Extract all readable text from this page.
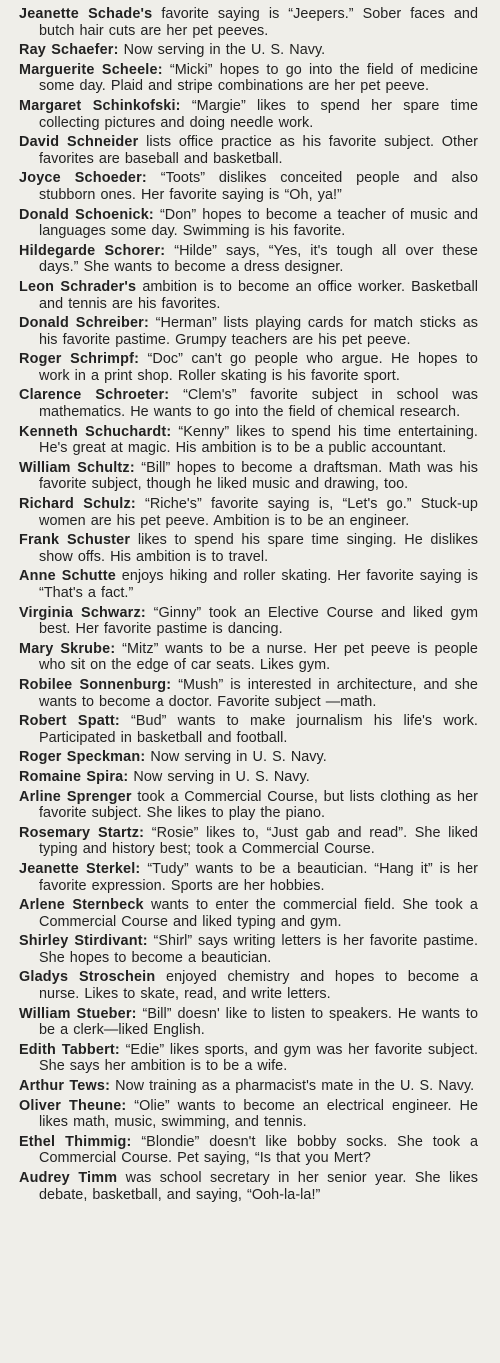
Jeanette Schade's favorite saying is “Jeepers.” Sober faces and butch hair cuts are her pet peeves.

Ray Schaefer: Now serving in the U. S. Navy.

Marguerite Scheele: “Micki” hopes to go into the field of medicine some day. Plaid and stripe combinations are her pet peeve.

Margaret Schinkofski: “Margie” likes to spend her spare time collecting pictures and doing needle work.

David Schneider lists office practice as his favorite subject. Other favorites are baseball and basketball.

Joyce Schoeder: “Toots” dislikes conceited people and also stubborn ones. Her favorite saying is “Oh, ya!”

Donald Schoenick: “Don” hopes to become a teacher of music and languages some day. Swimming is his favorite.

Hildegarde Schorer: “Hilde” says, “Yes, it's tough all over these days.” She wants to become a dress designer.

Leon Schrader's ambition is to become an office worker. Basketball and tennis are his favorites.

Donald Schreiber: “Herman” lists playing cards for match sticks as his favorite pastime. Grumpy teachers are his pet peeve.

Roger Schrimpf: “Doc” can't go people who argue. He hopes to work in a print shop. Roller skating is his favorite sport.

Clarence Schroeter: “Clem's” favorite subject in school was mathematics. He wants to go into the field of chemical research.

Kenneth Schuchardt: “Kenny” likes to spend his time entertaining. He's great at magic. His ambition is to be a public accountant.

William Schultz: “Bill” hopes to become a draftsman. Math was his favorite subject, though he liked music and drawing, too.

Richard Schulz: “Riche's” favorite saying is, “Let's go.” Stuck-up women are his pet peeve. Ambition is to be an engineer.

Frank Schuster likes to spend his spare time singing. He dislikes show offs. His ambition is to travel.

Anne Schutte enjoys hiking and roller skating. Her favorite saying is “That's a fact.”

Virginia Schwarz: “Ginny” took an Elective Course and liked gym best. Her favorite pastime is dancing.

Mary Skrube: “Mitz” wants to be a nurse. Her pet peeve is people who sit on the edge of car seats. Likes gym.

Robilee Sonnenburg: “Mush” is interested in architecture, and she wants to become a doctor. Favorite subject —math.

Robert Spatt: “Bud” wants to make journalism his life's work. Participated in basketball and football.

Roger Speckman: Now serving in U. S. Navy.

Romaine Spira: Now serving in U. S. Navy.

Arline Sprenger took a Commercial Course, but lists clothing as her favorite subject. She likes to play the piano.

Rosemary Startz: “Rosie” likes to, “Just gab and read”. She liked typing and history best; took a Commercial Course.

Jeanette Sterkel: “Tudy” wants to be a beautician. “Hang it” is her favorite expression. Sports are her hobbies.

Arlene Sternbeck wants to enter the commercial field. She took a Commercial Course and liked typing and gym.

Shirley Stirdivant: “Shirl” says writing letters is her favorite pastime. She hopes to become a beautician.

Gladys Stroschein enjoyed chemistry and hopes to become a nurse. Likes to skate, read, and write letters.

William Stueber: “Bill” doesn' like to listen to speakers. He wants to be a clerk—liked English.

Edith Tabbert: “Edie” likes sports, and gym was her favorite subject. She says her ambition is to be a wife.

Arthur Tews: Now training as a pharmacist's mate in the U. S. Navy.

Oliver Theune: “Olie” wants to become an electrical engineer. He likes math, music, swimming, and tennis.

Ethel Thimmig: “Blondie” doesn't like bobby socks. She took a Commercial Course. Pet saying, “Is that you Mert?

Audrey Timm was school secretary in her senior year. She likes debate, basketball, and saying, “Ooh-la-la!”
